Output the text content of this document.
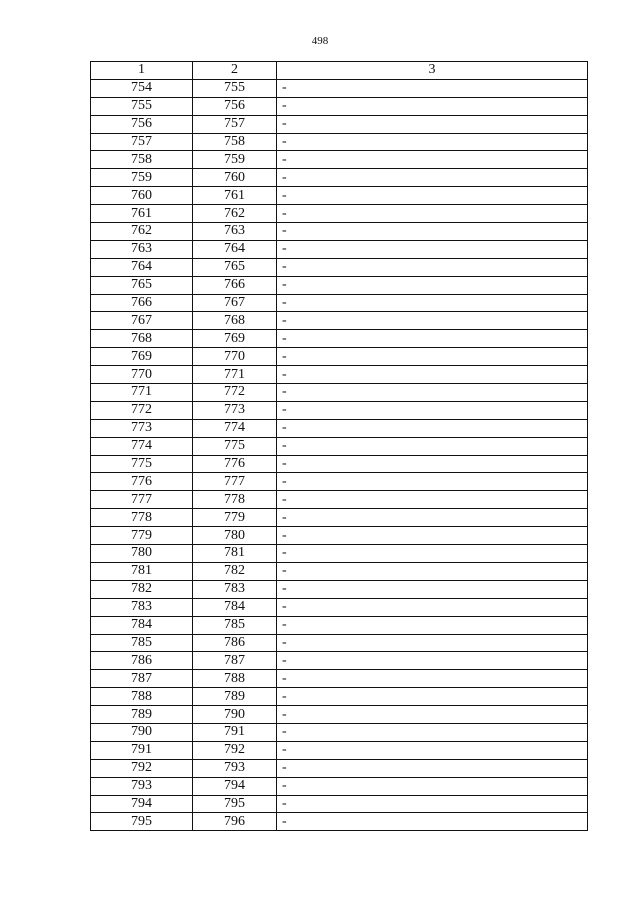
498
1	2	3
754	755	-
755	756	-
756	757	-
757	758	-
758	759	-
759	760	-
760	761	-
761	762	-
762	763	-
763	764	-
764	765	-
765	766	-
766	767	-
767	768	-
768	769	-
769	770	-
770	771	-
771	772	-
772	773	-
773	774	-
774	775	-
775	776	-
776	777	-
777	778	-
778	779	-
779	780	-
780	781	-
781	782	-
782	783	-
783	784	-
784	785	-
785	786	-
786	787	-
787	788	-
788	789	-
789	790	-
790	791	-
791	792	-
792	793	-
793	794	-
794	795	-
795	796	-
